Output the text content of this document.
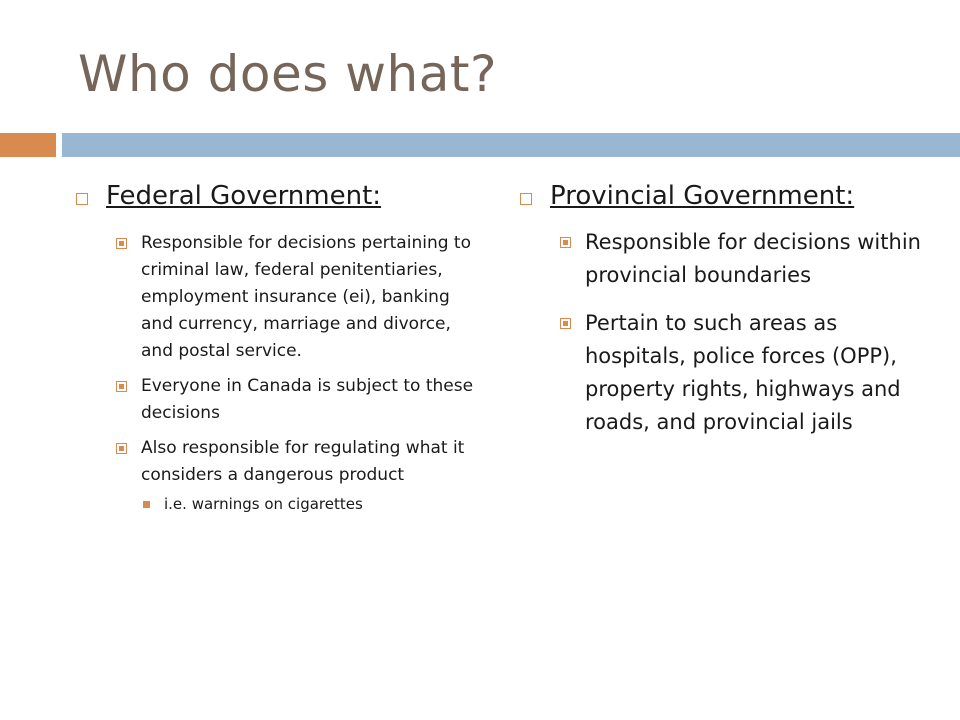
Who does what?
Federal Government:
Responsible for decisions pertaining to criminal law, federal penitentiaries, employment insurance (ei), banking and currency, marriage and divorce, and postal service.
Everyone in Canada is subject to these decisions
Also responsible for regulating what it considers a dangerous product
i.e. warnings on cigarettes
Provincial Government:
Responsible for decisions within provincial boundaries
Pertain to such areas as hospitals, police forces (OPP), property rights, highways and roads, and provincial jails
